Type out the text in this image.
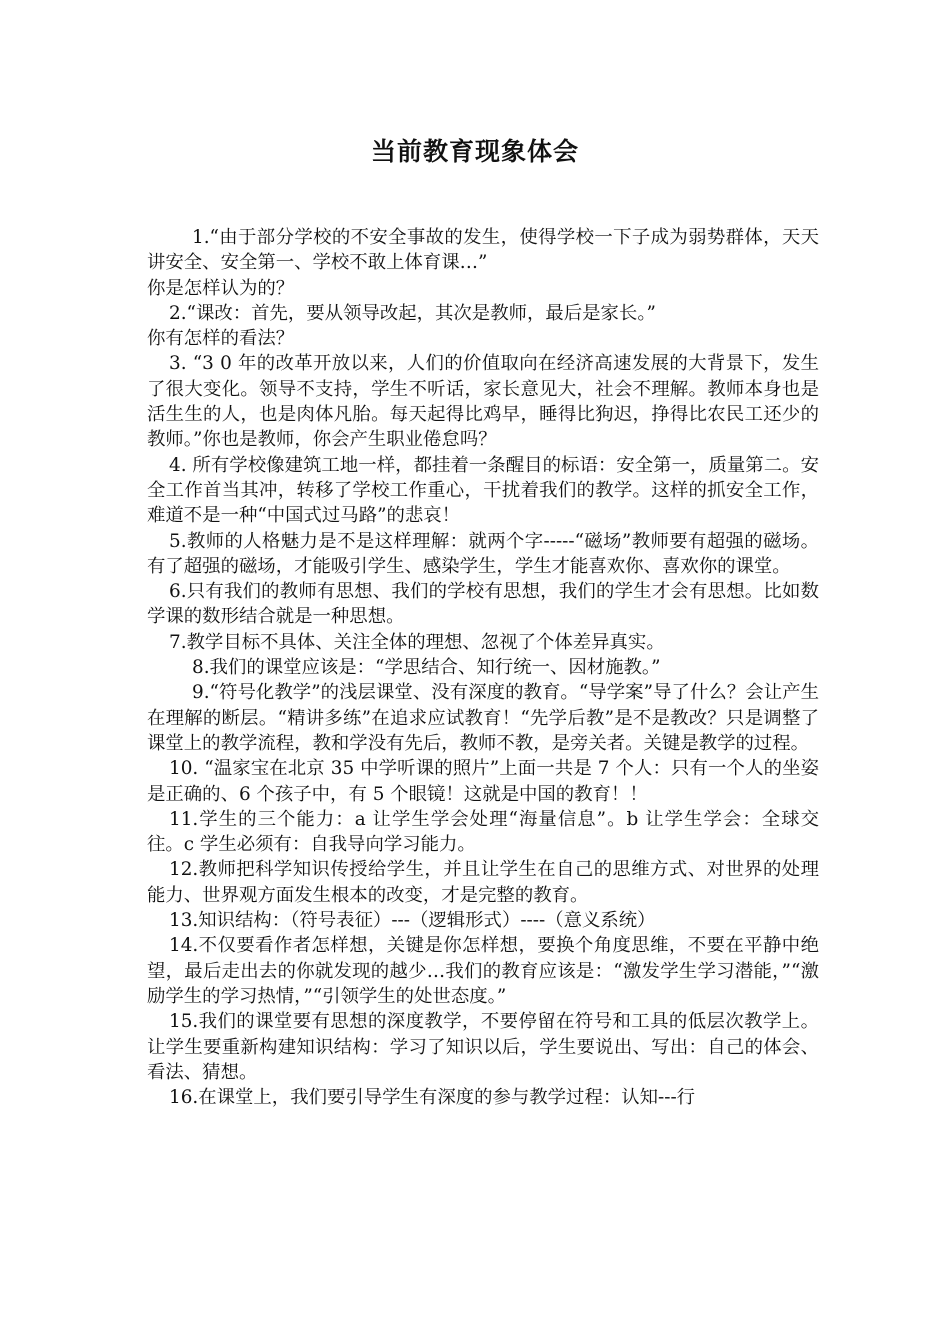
当前教育现象体会

1.“由于部分学校的不安全事故的发生，使得学校一下子成为弱势群体，天天讲安全、安全第一、学校不敢上体育课…”

你是怎样认为的？

2.“课改：首先，要从领导改起，其次是教师，最后是家长。”

你有怎样的看法？

3. “3 0 年的改革开放以来，人们的价值取向在经济高速发展的大背景下，发生了很大变化。领导不支持，学生不听话，家长意见大，社会不理解。教师本身也是活生生的人，也是肉体凡胎。每天起得比鸡早，睡得比狗迟，挣得比农民工还少的教师。”你也是教师，你会产生职业倦怠吗？

4. 所有学校像建筑工地一样，都挂着一条醒目的标语：安全第一，质量第二。安全工作首当其冲，转移了学校工作重心，干扰着我们的教学。这样的抓安全工作，难道不是一种“中国式过马路”的悲哀！

5.教师的人格魅力是不是这样理解：就两个字-----“磁场”教师要有超强的磁场。有了超强的磁场，才能吸引学生、感染学生，学生才能喜欢你、喜欢你的课堂。

6.只有我们的教师有思想、我们的学校有思想，我们的学生才会有思想。比如数学课的数形结合就是一种思想。

7.教学目标不具体、关注全体的理想、忽视了个体差异真实。

8.我们的课堂应该是：“学思结合、知行统一、因材施教。”

9.“符号化教学”的浅层课堂、没有深度的教育。“导学案”导了什么？会让产生在理解的断层。“精讲多练”在追求应试教育！“先学后教”是不是教改？只是调整了课堂上的教学流程，教和学没有先后，教师不教，是旁关者。关键是教学的过程。

10. “温家宝在北京 35 中学听课的照片”上面一共是 7 个人：只有一个人的坐姿是正确的、6 个孩子中，有 5 个眼镜！这就是中国的教育！！

11.学生的三个能力：a 让学生学会处理“海量信息”。b 让学生学会：全球交往。c 学生必须有：自我导向学习能力。

12.教师把科学知识传授给学生，并且让学生在自己的思维方式、对世界的处理能力、世界观方面发生根本的改变，才是完整的教育。

13.知识结构：（符号表征）---（逻辑形式）----（意义系统）

14.不仅要看作者怎样想，关键是你怎样想，要换个角度思维，不要在平静中绝望，最后走出去的你就发现的越少…我们的教育应该是：“激发学生学习潜能，”“激励学生的学习热情，”“引领学生的处世态度。”

15.我们的课堂要有思想的深度教学，不要停留在符号和工具的低层次教学上。让学生要重新构建知识结构：学习了知识以后，学生要说出、写出：自己的体会、看法、猜想。

16.在课堂上，我们要引导学生有深度的参与教学过程：认知---行
